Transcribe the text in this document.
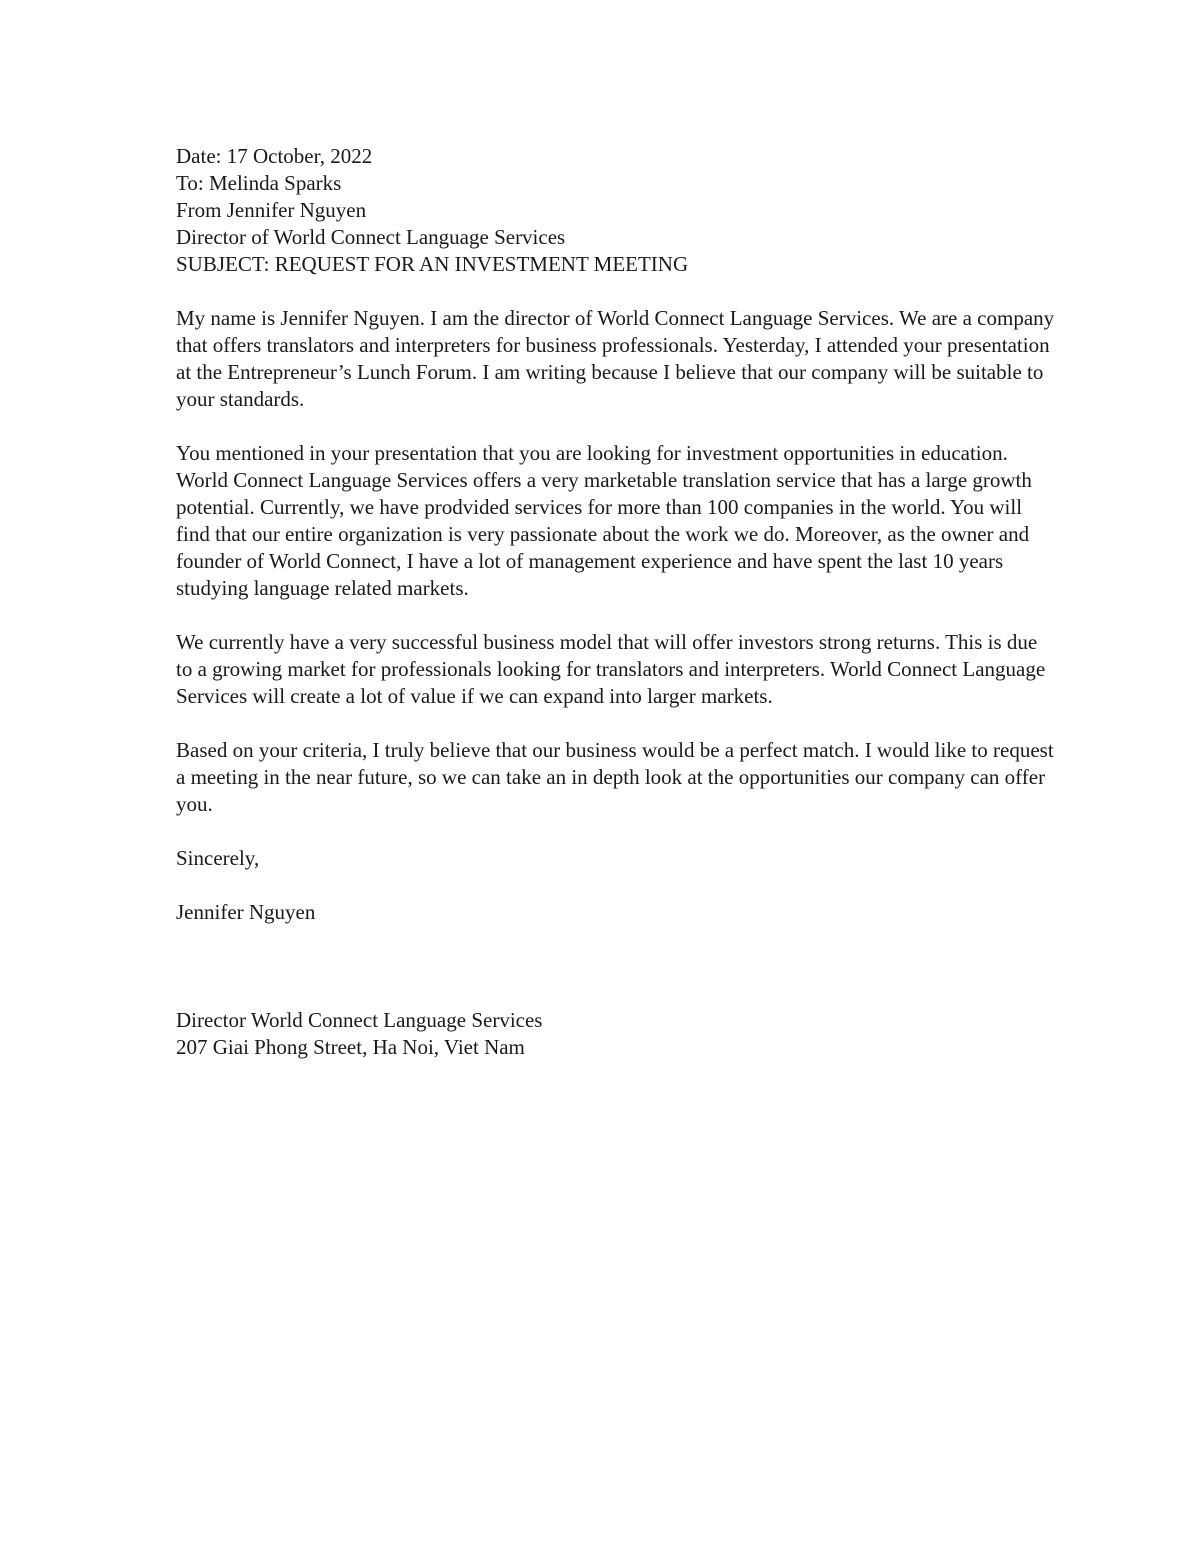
Date: 17 October, 2022

To: Melinda Sparks

From Jennifer Nguyen

Director of World Connect Language Services

SUBJECT: REQUEST FOR AN INVESTMENT MEETING

My name is Jennifer Nguyen. I am the director of World Connect Language Services. We are a company that offers translators and interpreters for business professionals. Yesterday, I attended your presentation at the Entrepreneur’s Lunch Forum. I am writing because I believe that our company will be suitable to your standards.

You mentioned in your presentation that you are looking for investment opportunities in education. World Connect Language Services offers a very marketable translation service that has a large growth potential. Currently, we have prodvided services for more than 100 companies in the world. You will find that our entire organization is very passionate about the work we do. Moreover, as the owner and founder of World Connect, I have a lot of management experience and have spent the last 10 years studying language related markets.

We currently have a very successful business model that will offer investors strong returns. This is due to a growing market for professionals looking for translators and interpreters. World Connect Language Services will create a lot of value if we can expand into larger markets.

Based on your criteria, I truly believe that our business would be a perfect match. I would like to request a meeting in the near future, so we can take an in depth look at the opportunities our company can offer you.

Sincerely,

Jennifer Nguyen

Director World Connect Language Services

207 Giai Phong Street, Ha Noi, Viet Nam
